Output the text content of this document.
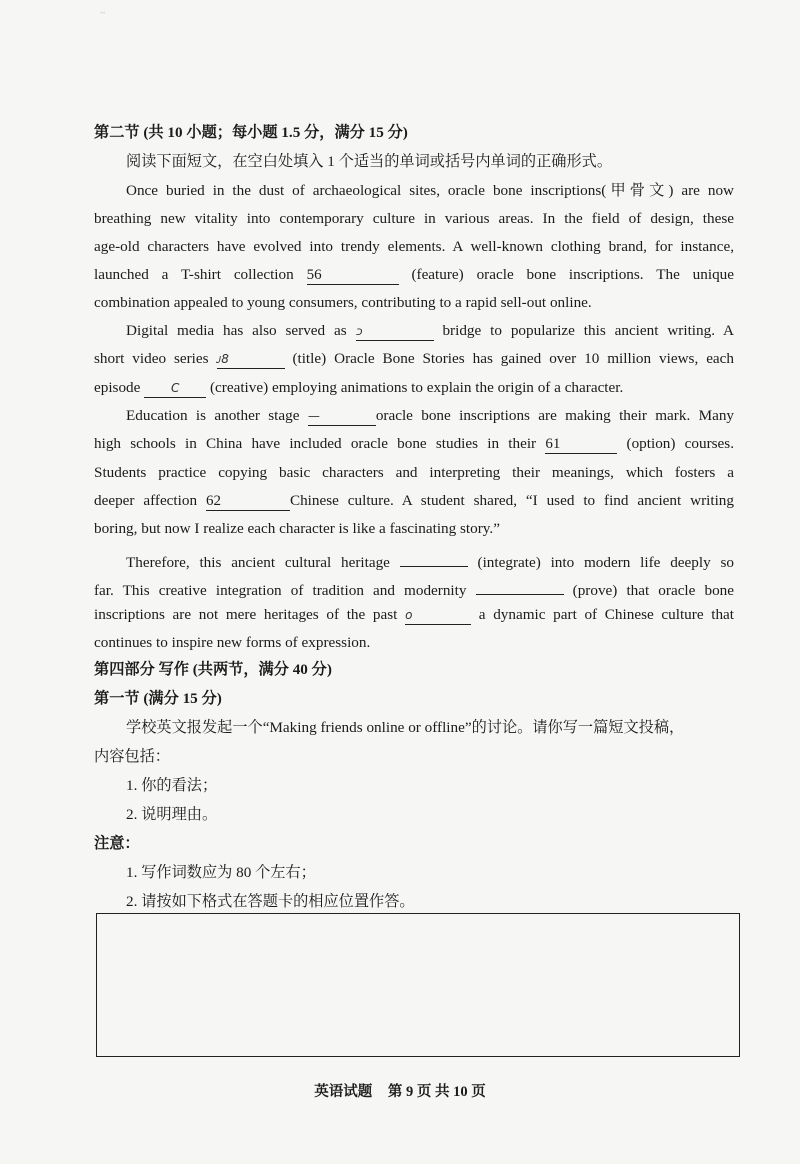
~
第二节 (共 10 小题；每小题 1.5 分，满分 15 分)
阅读下面短文，在空白处填入 1 个适当的单词或括号内单词的正确形式。
Once buried in the dust of archaeological sites, oracle bone inscriptions(甲骨文) are now
breathing new vitality into contemporary culture in various areas. In the field of design, these
age-old characters have evolved into trendy elements. A well-known clothing brand, for instance,
launched a T-shirt collection 56	(feature) oracle bone inscriptions. The unique
combination appealed to young consumers, contributing to a rapid sell-out online.
Digital media has also served as כ	bridge to popularize this ancient writing. A
short video series ᴊ8	(title) Oracle Bone Stories has gained over 10 million views, each
episode	C (creative) employing animations to explain the origin of a character.
Education is another stage —	oracle bone inscriptions are making their mark. Many
high schools in China have included oracle bone studies in their 61	(option) courses.
Students practice copying basic characters and interpreting their meanings, which fosters a
deeper affection 62	Chinese culture. A student shared, “I used to find ancient writing
boring, but now I realize each character is like a fascinating story.”
Therefore, this ancient cultural heritage	(integrate) into modern life deeply so
far. This creative integration of tradition and modernity	(prove) that oracle bone
inscriptions are not mere heritages of the past o	a dynamic part of Chinese culture that
continues to inspire new forms of expression.
第四部分 写作 (共两节，满分 40 分)
第一节 (满分 15 分)
学校英文报发起一个“Making friends online or offline”的讨论。请你写一篇短文投稿，
内容包括：
1. 你的看法；
2. 说明理由。
注意：
1. 写作词数应为 80 个左右；
2. 请按如下格式在答题卡的相应位置作答。
英语试题 第 9 页 共 10 页
